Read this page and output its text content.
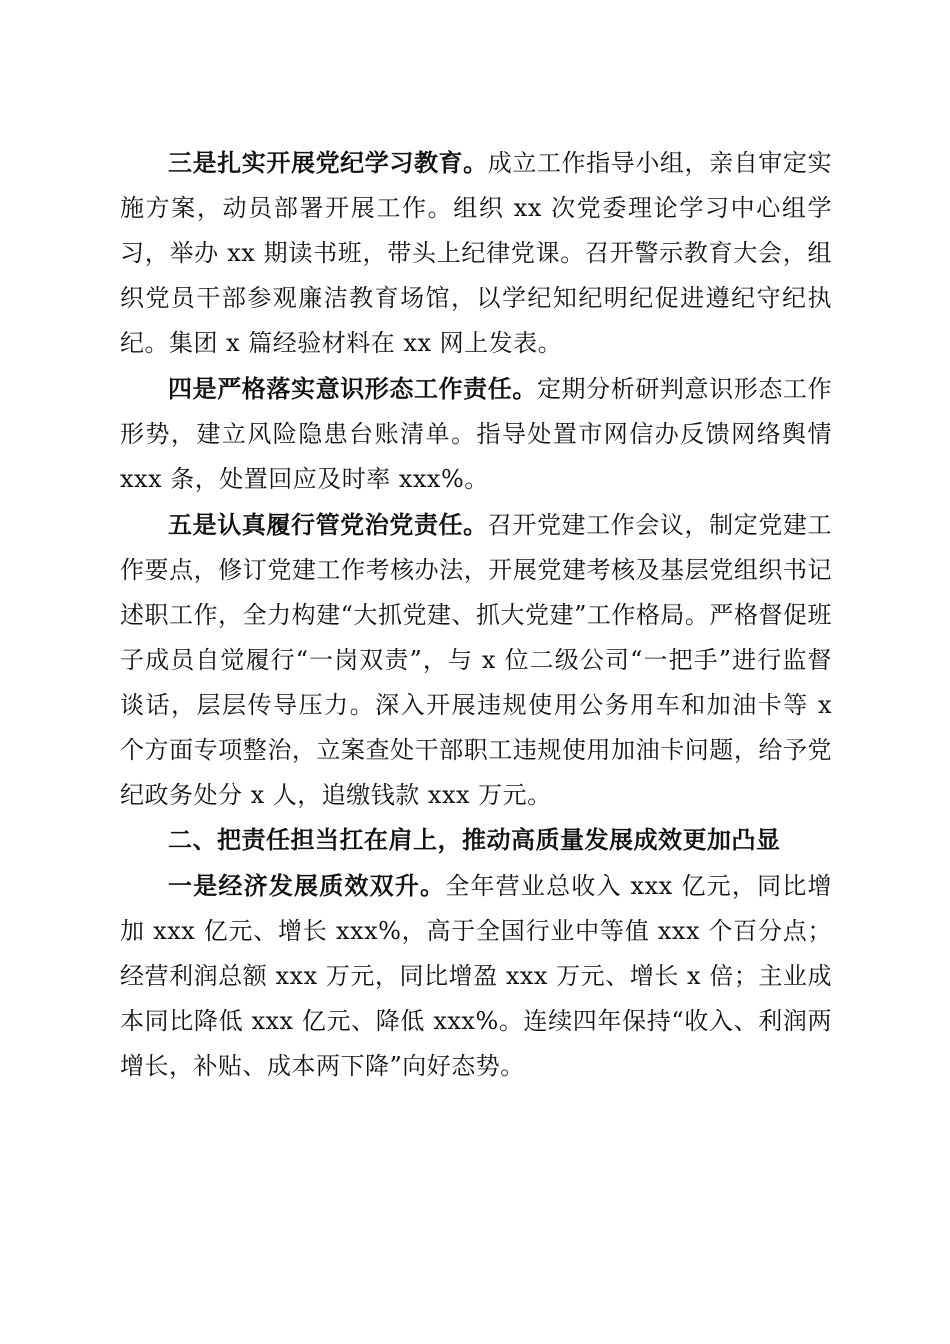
三是扎实开展党纪学习教育。成立工作指导小组，亲自审定实施方案，动员部署开展工作。组织 xx 次党委理论学习中心组学习，举办 xx 期读书班，带头上纪律党课。召开警示教育大会，组织党员干部参观廉洁教育场馆，以学纪知纪明纪促进遵纪守纪执纪。集团 x 篇经验材料在 xx 网上发表。

四是严格落实意识形态工作责任。定期分析研判意识形态工作形势，建立风险隐患台账清单。指导处置市网信办反馈网络舆情 xxx 条，处置回应及时率 xxx%。

五是认真履行管党治党责任。召开党建工作会议，制定党建工作要点，修订党建工作考核办法，开展党建考核及基层党组织书记述职工作，全力构建“大抓党建、抓大党建”工作格局。严格督促班子成员自觉履行“一岗双责”，与 x 位二级公司“一把手”进行监督谈话，层层传导压力。深入开展违规使用公务用车和加油卡等 x 个方面专项整治，立案查处干部职工违规使用加油卡问题，给予党纪政务处分 x 人，追缴钱款 xxx 万元。

二、把责任担当扛在肩上，推动高质量发展成效更加凸显

一是经济发展质效双升。全年营业总收入 xxx 亿元，同比增加 xxx 亿元、增长 xxx%，高于全国行业中等值 xxx 个百分点；经营利润总额 xxx 万元，同比增盈 xxx 万元、增长 x 倍；主业成本同比降低 xxx 亿元、降低 xxx%。连续四年保持“收入、利润两增长，补贴、成本两下降”向好态势。
